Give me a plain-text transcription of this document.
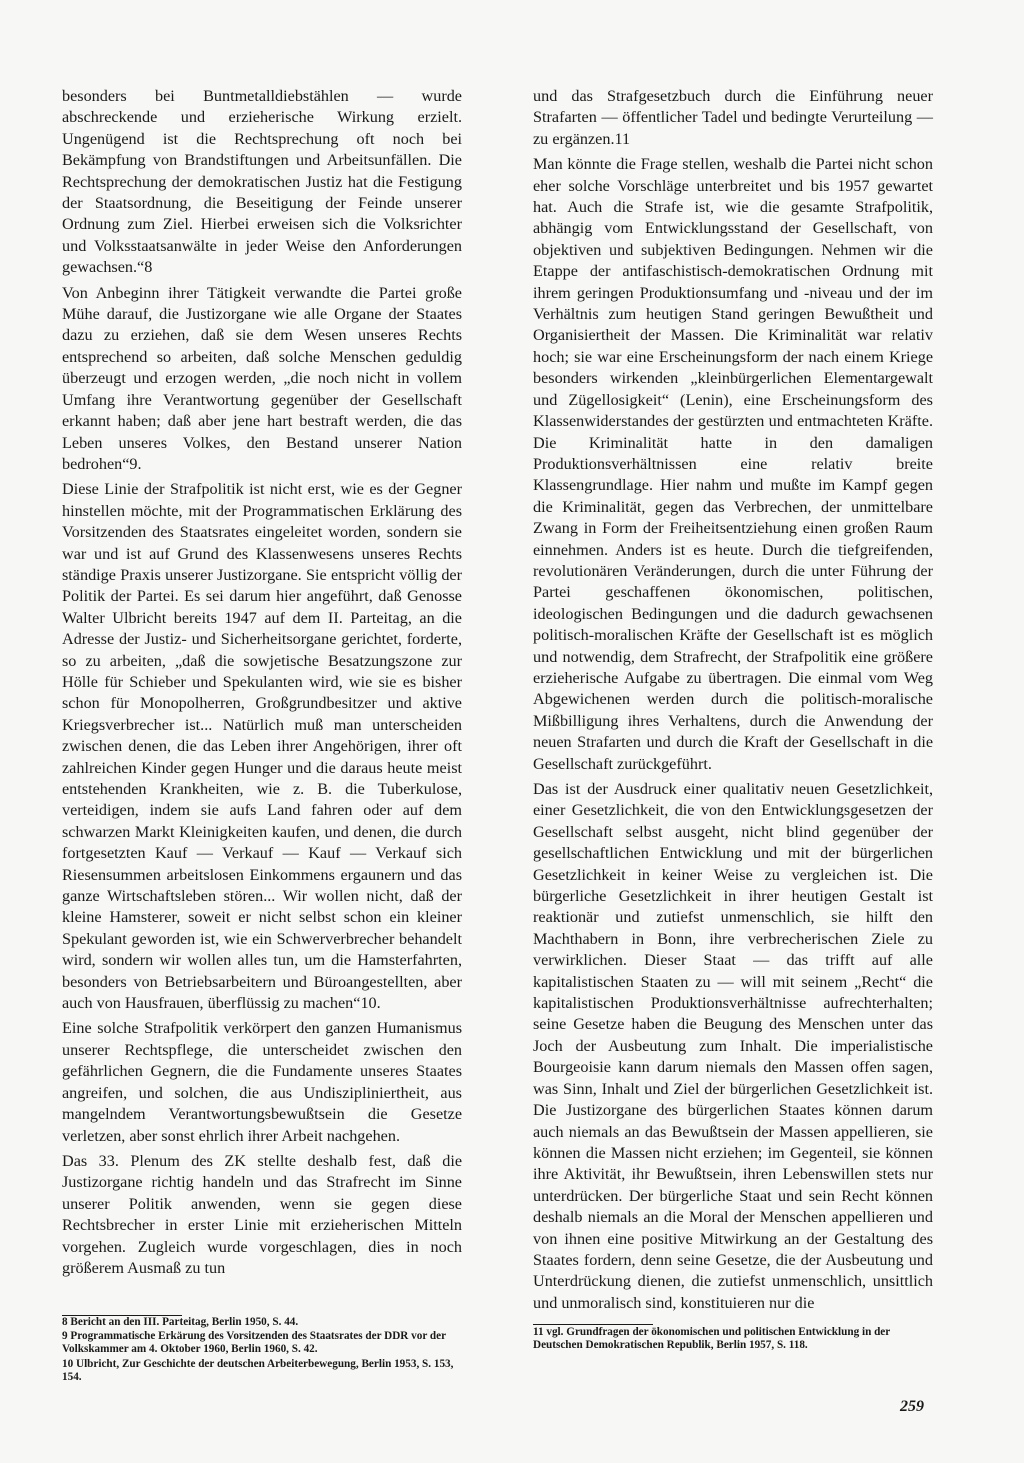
besonders bei Buntmetalldiebstählen — wurde abschreckende und erzieherische Wirkung erzielt. Ungenügend ist die Rechtsprechung oft noch bei Bekämpfung von Brandstiftungen und Arbeitsunfällen. Die Rechtsprechung der demokratischen Justiz hat die Festigung der Staatsordnung, die Beseitigung der Feinde unserer Ordnung zum Ziel. Hierbei erweisen sich die Volksrichter und Volksstaatsanwälte in jeder Weise den Anforderungen gewachsen.“8

Von Anbeginn ihrer Tätigkeit verwandte die Partei große Mühe darauf, die Justizorgane wie alle Organe der Staates dazu zu erziehen, daß sie dem Wesen unseres Rechts entsprechend so arbeiten, daß solche Menschen geduldig überzeugt und erzogen werden, „die noch nicht in vollem Umfang ihre Verantwortung gegenüber der Gesellschaft erkannt haben; daß aber jene hart bestraft werden, die das Leben unseres Volkes, den Bestand unserer Nation bedrohen“9.

Diese Linie der Strafpolitik ist nicht erst, wie es der Gegner hinstellen möchte, mit der Programmatischen Erklärung des Vorsitzenden des Staatsrates eingeleitet worden, sondern sie war und ist auf Grund des Klassenwesens unseres Rechts ständige Praxis unserer Justizorgane. Sie entspricht völlig der Politik der Partei. Es sei darum hier angeführt, daß Genosse Walter Ulbricht bereits 1947 auf dem II. Parteitag, an die Adresse der Justiz- und Sicherheitsorgane gerichtet, forderte, so zu arbeiten, „daß die sowjetische Besatzungszone zur Hölle für Schieber und Spekulanten wird, wie sie es bisher schon für Monopolherren, Großgrundbesitzer und aktive Kriegsverbrecher ist... Natürlich muß man unterscheiden zwischen denen, die das Leben ihrer Angehörigen, ihrer oft zahlreichen Kinder gegen Hunger und die daraus heute meist entstehenden Krankheiten, wie z. B. die Tuberkulose, verteidigen, indem sie aufs Land fahren oder auf dem schwarzen Markt Kleinigkeiten kaufen, und denen, die durch fortgesetzten Kauf — Verkauf — Kauf — Verkauf sich Riesensummen arbeitslosen Einkommens ergaunern und das ganze Wirtschaftsleben stören... Wir wollen nicht, daß der kleine Hamsterer, soweit er nicht selbst schon ein kleiner Spekulant geworden ist, wie ein Schwerverbrecher behandelt wird, sondern wir wollen alles tun, um die Hamsterfahrten, besonders von Betriebsarbeitern und Büroangestellten, aber auch von Hausfrauen, überflüssig zu machen“10.

Eine solche Strafpolitik verkörpert den ganzen Humanismus unserer Rechtspflege, die unterscheidet zwischen den gefährlichen Gegnern, die die Fundamente unseres Staates angreifen, und solchen, die aus Undiszipliniertheit, aus mangelndem Verantwortungsbewußtsein die Gesetze verletzen, aber sonst ehrlich ihrer Arbeit nachgehen.

Das 33. Plenum des ZK stellte deshalb fest, daß die Justizorgane richtig handeln und das Strafrecht im Sinne unserer Politik anwenden, wenn sie gegen diese Rechtsbrecher in erster Linie mit erzieherischen Mitteln vorgehen. Zugleich wurde vorgeschlagen, dies in noch größerem Ausmaß zu tun

8 Bericht an den III. Parteitag, Berlin 1950, S. 44.

9 Programmatische Erkärung des Vorsitzenden des Staatsrates der DDR vor der Volkskammer am 4. Oktober 1960, Berlin 1960, S. 42.

10 Ulbricht, Zur Geschichte der deutschen Arbeiterbewegung, Berlin 1953, S. 153, 154.

und das Strafgesetzbuch durch die Einführung neuer Strafarten — öffentlicher Tadel und bedingte Verurteilung — zu ergänzen.11

Man könnte die Frage stellen, weshalb die Partei nicht schon eher solche Vorschläge unterbreitet und bis 1957 gewartet hat. Auch die Strafe ist, wie die gesamte Strafpolitik, abhängig vom Entwicklungsstand der Gesellschaft, von objektiven und subjektiven Bedingungen. Nehmen wir die Etappe der antifaschistisch-demokratischen Ordnung mit ihrem geringen Produktionsumfang und -niveau und der im Verhältnis zum heutigen Stand geringen Bewußtheit und Organisiertheit der Massen. Die Kriminalität war relativ hoch; sie war eine Erscheinungsform der nach einem Kriege besonders wirkenden „kleinbürgerlichen Elementargewalt und Zügellosigkeit“ (Lenin), eine Erscheinungsform des Klassenwiderstandes der gestürzten und entmachteten Kräfte. Die Kriminalität hatte in den damaligen Produktionsverhältnissen eine relativ breite Klassengrundlage. Hier nahm und mußte im Kampf gegen die Kriminalität, gegen das Verbrechen, der unmittelbare Zwang in Form der Freiheitsentziehung einen großen Raum einnehmen. Anders ist es heute. Durch die tiefgreifenden, revolutionären Veränderungen, durch die unter Führung der Partei geschaffenen ökonomischen, politischen, ideologischen Bedingungen und die dadurch gewachsenen politisch-moralischen Kräfte der Gesellschaft ist es möglich und notwendig, dem Strafrecht, der Strafpolitik eine größere erzieherische Aufgabe zu übertragen. Die einmal vom Weg Abgewichenen werden durch die politisch-moralische Mißbilligung ihres Verhaltens, durch die Anwendung der neuen Strafarten und durch die Kraft der Gesellschaft in die Gesellschaft zurückgeführt.

Das ist der Ausdruck einer qualitativ neuen Gesetzlichkeit, einer Gesetzlichkeit, die von den Entwicklungsgesetzen der Gesellschaft selbst ausgeht, nicht blind gegenüber der gesellschaftlichen Entwicklung und mit der bürgerlichen Gesetzlichkeit in keiner Weise zu vergleichen ist. Die bürgerliche Gesetzlichkeit in ihrer heutigen Gestalt ist reaktionär und zutiefst unmenschlich, sie hilft den Machthabern in Bonn, ihre verbrecherischen Ziele zu verwirklichen. Dieser Staat — das trifft auf alle kapitalistischen Staaten zu — will mit seinem „Recht“ die kapitalistischen Produktionsverhältnisse aufrechterhalten; seine Gesetze haben die Beugung des Menschen unter das Joch der Ausbeutung zum Inhalt. Die imperialistische Bourgeoisie kann darum niemals den Massen offen sagen, was Sinn, Inhalt und Ziel der bürgerlichen Gesetzlichkeit ist. Die Justizorgane des bürgerlichen Staates können darum auch niemals an das Bewußtsein der Massen appellieren, sie können die Massen nicht erziehen; im Gegenteil, sie können ihre Aktivität, ihr Bewußtsein, ihren Lebenswillen stets nur unterdrücken. Der bürgerliche Staat und sein Recht können deshalb niemals an die Moral der Menschen appellieren und von ihnen eine positive Mitwirkung an der Gestaltung des Staates fordern, denn seine Gesetze, die der Ausbeutung und Unterdrückung dienen, die zutiefst unmenschlich, unsittlich und unmoralisch sind, konstituieren nur die

11 vgl. Grundfragen der ökonomischen und politischen Entwicklung in der Deutschen Demokratischen Republik, Berlin 1957, S. 118.

259
